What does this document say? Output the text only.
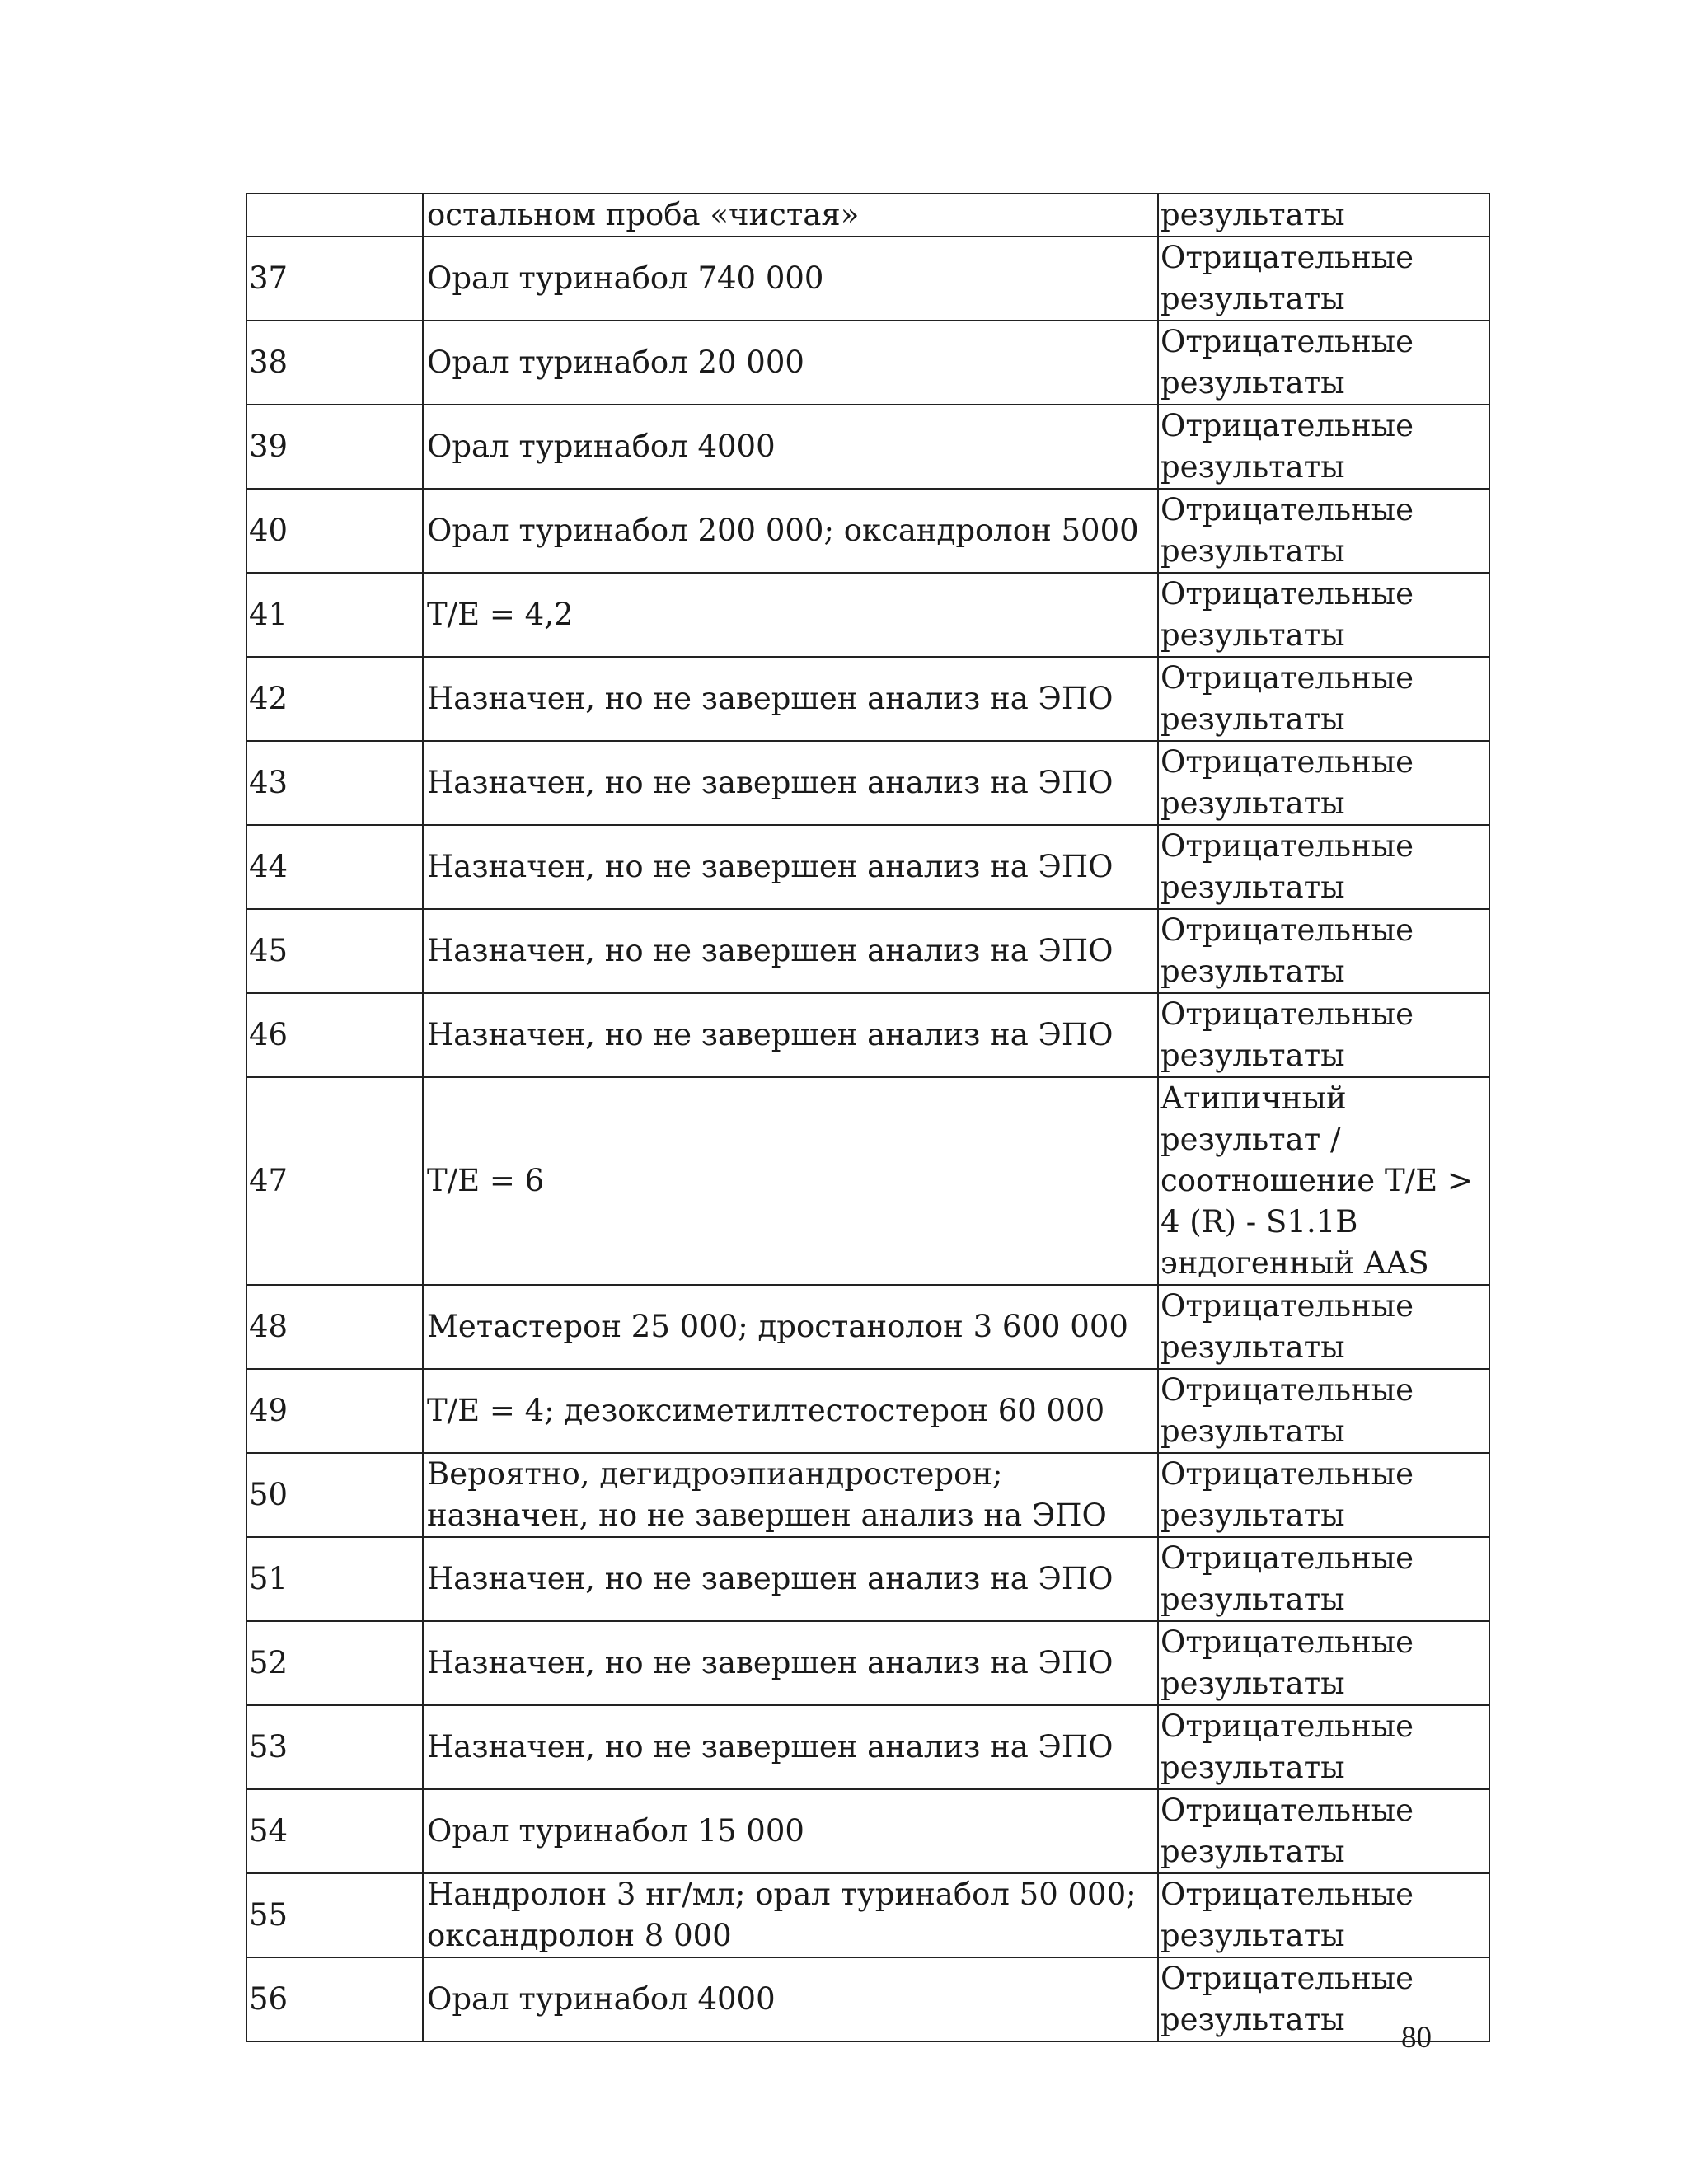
	остальном проба «чистая»	результаты

37	Орал туринабол 740 000	Отрицательные
результаты

38	Орал туринабол 20 000	Отрицательные
результаты

39	Орал туринабол 4000	Отрицательные
результаты

40	Орал туринабол 200 000; оксандролон 5000	Отрицательные
результаты

41	T/E = 4,2	Отрицательные
результаты

42	Назначен, но не завершен анализ на ЭПО	Отрицательные
результаты

43	Назначен, но не завершен анализ на ЭПО	Отрицательные
результаты

44	Назначен, но не завершен анализ на ЭПО	Отрицательные
результаты

45	Назначен, но не завершен анализ на ЭПО	Отрицательные
результаты

46	Назначен, но не завершен анализ на ЭПО	Отрицательные
результаты

47	T/E = 6	Атипичный
результат /
соотношение T/E >
4 (R) - S1.1B
эндогенный AAS

48	Метастерон 25 000; дростанолон 3 600 000	Отрицательные
результаты

49	T/E = 4; дезоксиметилтестостерон 60 000	Отрицательные
результаты

50	Вероятно, дегидроэпиандростерон;
назначен, но не завершен анализ на ЭПО	Отрицательные
результаты

51	Назначен, но не завершен анализ на ЭПО	Отрицательные
результаты

52	Назначен, но не завершен анализ на ЭПО	Отрицательные
результаты

53	Назначен, но не завершен анализ на ЭПО	Отрицательные
результаты

54	Орал туринабол 15 000	Отрицательные
результаты

55	Нандролон 3 нг/мл; орал туринабол 50 000;
оксандролон 8 000	Отрицательные
результаты

56	Орал туринабол 4000	Отрицательные
результаты
80
